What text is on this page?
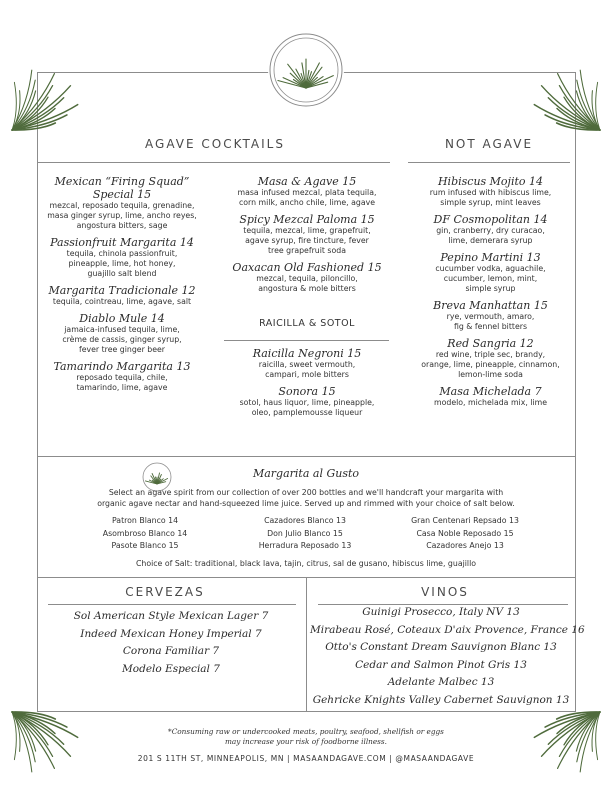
AGAVE COCKTAILS	NOT AGAVE
Mexican “Firing Squad” Special 15
mezcal, reposado tequila, grenadine,
masa ginger syrup, lime, ancho reyes,
angostura bitters, sage
Passionfruit Margarita 14
tequila, chinola passionfruit,
pineapple, lime, hot honey,
guajillo salt blend
Margarita Tradicionale 12
tequila, cointreau, lime, agave, salt
Diablo Mule 14
jamaica-infused tequila, lime,
crème de cassis, ginger syrup,
fever tree ginger beer
Tamarindo Margarita 13
reposado tequila, chile,
tamarindo, lime, agave
Masa & Agave 15
masa infused mezcal, plata tequila,
corn milk, ancho chile, lime, agave
Spicy Mezcal Paloma 15
tequila, mezcal, lime, grapefruit,
agave syrup, fire tincture, fever
tree grapefruit soda
Oaxacan Old Fashioned 15
mezcal, tequila, piloncillo,
angostura & mole bitters
RAICILLA & SOTOL
Raicilla Negroni 15
raicilla, sweet vermouth,
campari, mole bitters
Sonora 15
sotol, haus liquor, lime, pineapple,
oleo, pamplemousse liqueur
Hibiscus Mojito 14
rum infused with hibiscus lime,
simple syrup, mint leaves
DF Cosmopolitan 14
gin, cranberry, dry curacao,
lime, demerara syrup
Pepino Martini 13
cucumber vodka, aguachile,
cucumber, lemon, mint,
simple syrup
Breva Manhattan 15
rye, vermouth, amaro,
fig & fennel bitters
Red Sangria 12
red wine, triple sec, brandy,
orange, lime, pineapple, cinnamon,
lemon-lime soda
Masa Michelada 7
modelo, michelada mix, lime
Margarita al Gusto
Select an agave spirit from our collection of over 200 bottles and we'll handcraft your margarita with
organic agave nectar and hand-squeezed lime juice. Served up and rimmed with your choice of salt below.
Patron Blanco 14
Asombroso Blanco 14
Pasote Blanco 15
Cazadores Blanco 13
Don Julio Blanco 15
Herradura Reposado 13
Gran Centenari Repsado 13
Casa Noble Reposado 15
Cazadores Anejo 13
Choice of Salt: traditional, black lava, tajin, citrus, sal de gusano, hibiscus lime, guajillo
CERVEZAS
Sol American Style Mexican Lager 7
Indeed Mexican Honey Imperial 7
Corona Familiar 7
Modelo Especial 7
VINOS
Guinigi Prosecco, Italy NV 13
Mirabeau Rosé, Coteaux D'aix Provence, France 16
Otto's Constant Dream Sauvignon Blanc 13
Cedar and Salmon Pinot Gris 13
Adelante Malbec 13
Gehricke Knights Valley Cabernet Sauvignon 13
*Consuming raw or undercooked meats, poultry, seafood, shellfish or eggs
may increase your risk of foodborne illness.
201 S 11TH ST, MINNEAPOLIS, MN | MASAANDAGAVE.COM | @MASAANDAGAVE
